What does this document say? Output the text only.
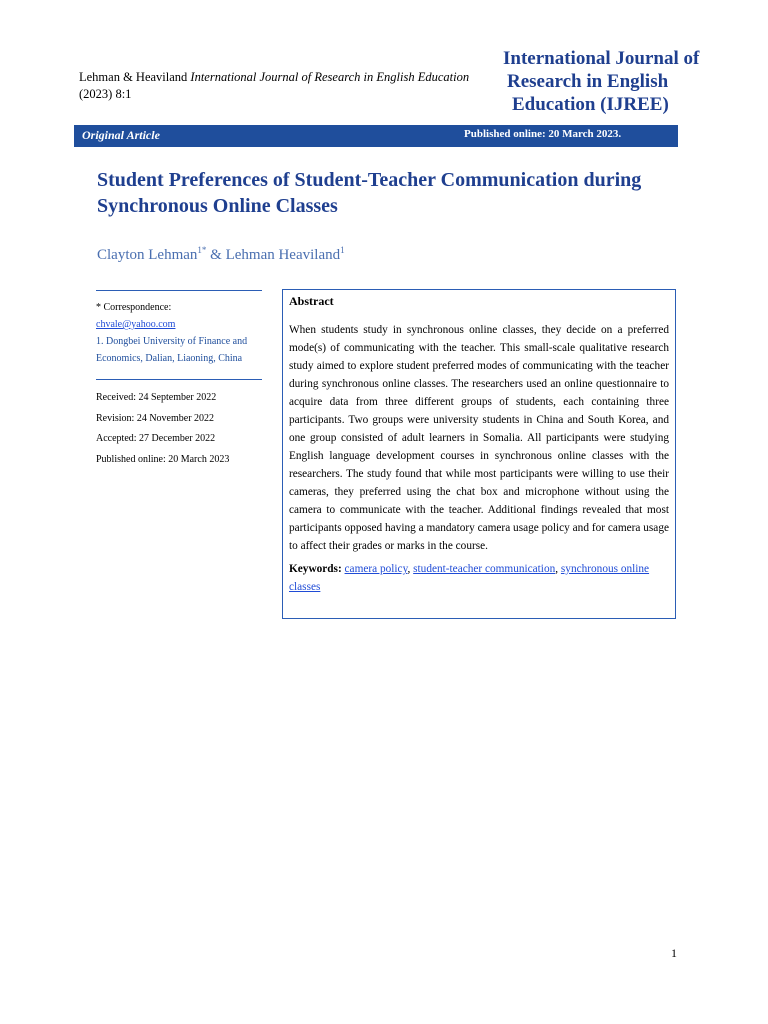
Lehman & Heaviland International Journal of Research in English Education
(2023) 8:1
International Journal of
Research in English
Education (IJREE)
Original Article	Published online: 20 March 2023.
Student Preferences of Student-Teacher Communication during
Synchronous Online Classes
Clayton Lehman$^{1*}$ & Lehman Heaviland$^1$
* Correspondence:
chvale@yahoo.com
1. Dongbei University of Finance and Economics, Dalian, Liaoning, China
Received: 24 September 2022
Revision: 24 November 2022
Accepted: 27 December 2022
Published online: 20 March 2023
Abstract

When students study in synchronous online classes, they decide on a preferred mode(s) of communicating with the teacher. This small-scale qualitative research study aimed to explore student preferred modes of communicating with the teacher during synchronous online classes. The researchers used an online questionnaire to acquire data from three different groups of students, each containing three participants. Two groups were university students in China and South Korea, and one group consisted of adult learners in Somalia. All participants were studying English language development courses in synchronous online classes with the researchers. The study found that while most participants were willing to use their cameras, they preferred using the chat box and microphone without using the camera to communicate with the teacher. Additional findings revealed that most participants opposed having a mandatory camera usage policy and for camera usage to affect their grades or marks in the course.

Keywords: camera policy, student-teacher communication, synchronous online classes
1
